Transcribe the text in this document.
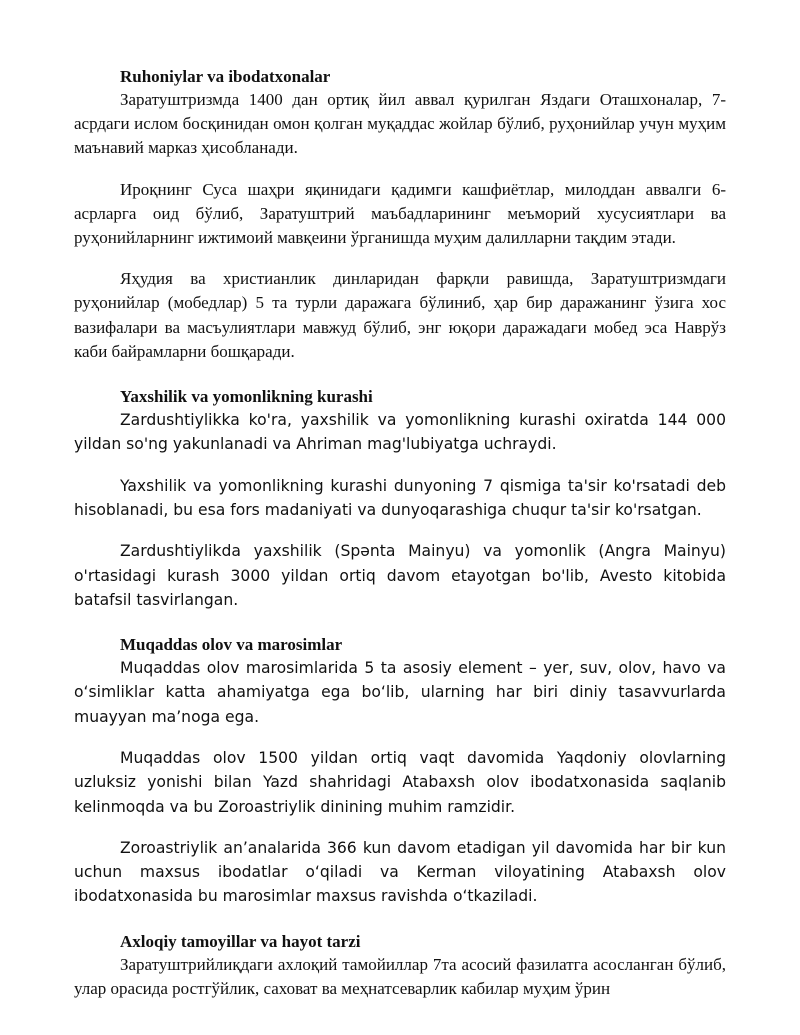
Ruhoniylar va ibodatxonalar

Заратуштризмда 1400 дан ортиқ йил аввал қурилган Яздаги Оташхоналар, 7-асрдаги ислом босқинидан омон қолган муқаддас жойлар бўлиб, руҳонийлар учун муҳим маънавий марказ ҳисобланади.

Ироқнинг Суса шаҳри яқинидаги қадимги кашфиётлар, милоддан аввалги 6-асрларга оид бўлиб, Заратуштрий маъбадларининг меъморий хусусиятлари ва руҳонийларнинг ижтимоий мавқеини ўрганишда муҳим далилларни тақдим этади.

Яҳудия ва христианлик динларидан фарқли равишда, Заратуштризмдаги руҳонийлар (мобедлар) 5 та турли даражага бўлиниб, ҳар бир даражанинг ўзига хос вазифалари ва масъулиятлари мавжуд бўлиб, энг юқори даражадаги мобед эса Наврўз каби байрамларни бошқаради.

Yaxshilik va yomonlikning kurashi

Zardushtiylikka ko'ra, yaxshilik va yomonlikning kurashi oxiratda 144 000 yildan so'ng yakunlanadi va Ahriman mag'lubiyatga uchraydi.

Yaxshilik va yomonlikning kurashi dunyoning 7 qismiga ta'sir ko'rsatadi deb hisoblanadi, bu esa fors madaniyati va dunyoqarashiga chuqur ta'sir ko'rsatgan.

Zardushtiylikda yaxshilik (Spənta Mainyu) va yomonlik (Angra Mainyu) o'rtasidagi kurash 3000 yildan ortiq davom etayotgan bo'lib, Avesto kitobida batafsil tasvirlangan.

Muqaddas olov va marosimlar

Muqaddas olov marosimlarida 5 ta asosiy element – yer, suv, olov, havo va o‘simliklar katta ahamiyatga ega bo‘lib, ularning har biri diniy tasavvurlarda muayyan ma’noga ega.

Muqaddas olov 1500 yildan ortiq vaqt davomida Yaqdoniy olovlarning uzluksiz yonishi bilan Yazd shahridagi Atabaxsh olov ibodatxonasida saqlanib kelinmoqda va bu Zoroastriylik dinining muhim ramzidir.

Zoroastriylik an’analarida 366 kun davom etadigan yil davomida har bir kun uchun maxsus ibodatlar o‘qiladi va Kerman viloyatining Atabaxsh olov ibodatxonasida bu marosimlar maxsus ravishda o‘tkaziladi.

Axloqiy tamoyillar va hayot tarzi

Заратуштрийлиқдаги ахлоқий тамойиллар 7та асосий фазилатга асосланган бўлиб, улар орасида ростгўйлик, саховат ва меҳнатсеварлик кабилар муҳим ўрин
